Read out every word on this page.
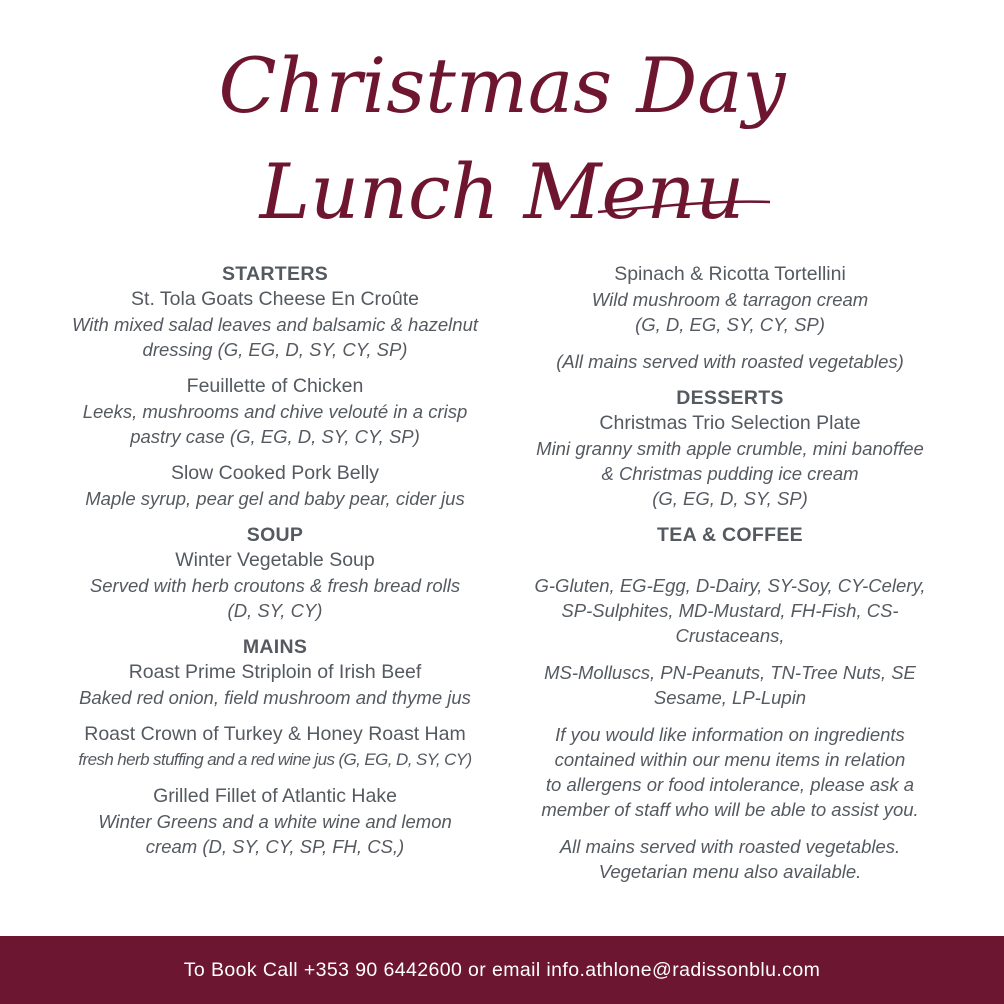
Christmas Day
Lunch Menu
STARTERS
St. Tola Goats Cheese En Croûte
With mixed salad leaves and balsamic & hazelnut
dressing (G, EG, D, SY, CY, SP)
Feuillette of Chicken
Leeks, mushrooms and chive velouté in a crisp
pastry case (G, EG, D, SY, CY, SP)
Slow Cooked Pork Belly
Maple syrup, pear gel and baby pear, cider jus
SOUP
Winter Vegetable Soup
Served with herb croutons & fresh bread rolls
(D, SY, CY)
MAINS
Roast Prime Striploin of Irish Beef
Baked red onion, field mushroom and thyme jus
Roast Crown of Turkey & Honey Roast Ham
fresh herb stuffing and a red wine jus (G, EG, D, SY, CY)
Grilled Fillet of Atlantic Hake
Winter Greens and a white wine and lemon
cream (D, SY, CY, SP, FH, CS,)
Spinach & Ricotta Tortellini
Wild mushroom & tarragon cream
(G, D, EG, SY, CY, SP)
(All mains served with roasted vegetables)
DESSERTS
Christmas Trio Selection Plate
Mini granny smith apple crumble, mini banoffee
& Christmas pudding ice cream
(G, EG, D, SY, SP)
TEA & COFFEE
G-Gluten, EG-Egg, D-Dairy, SY-Soy, CY-Celery,
SP-Sulphites, MD-Mustard, FH-Fish, CS-
Crustaceans,
MS-Molluscs, PN-Peanuts, TN-Tree Nuts, SE
Sesame, LP-Lupin
If you would like information on ingredients
contained within our menu items in relation
to allergens or food intolerance, please ask a
member of staff who will be able to assist you.
All mains served with roasted vegetables.
Vegetarian menu also available.
To Book Call +353 90 6442600 or email info.athlone@radissonblu.com
